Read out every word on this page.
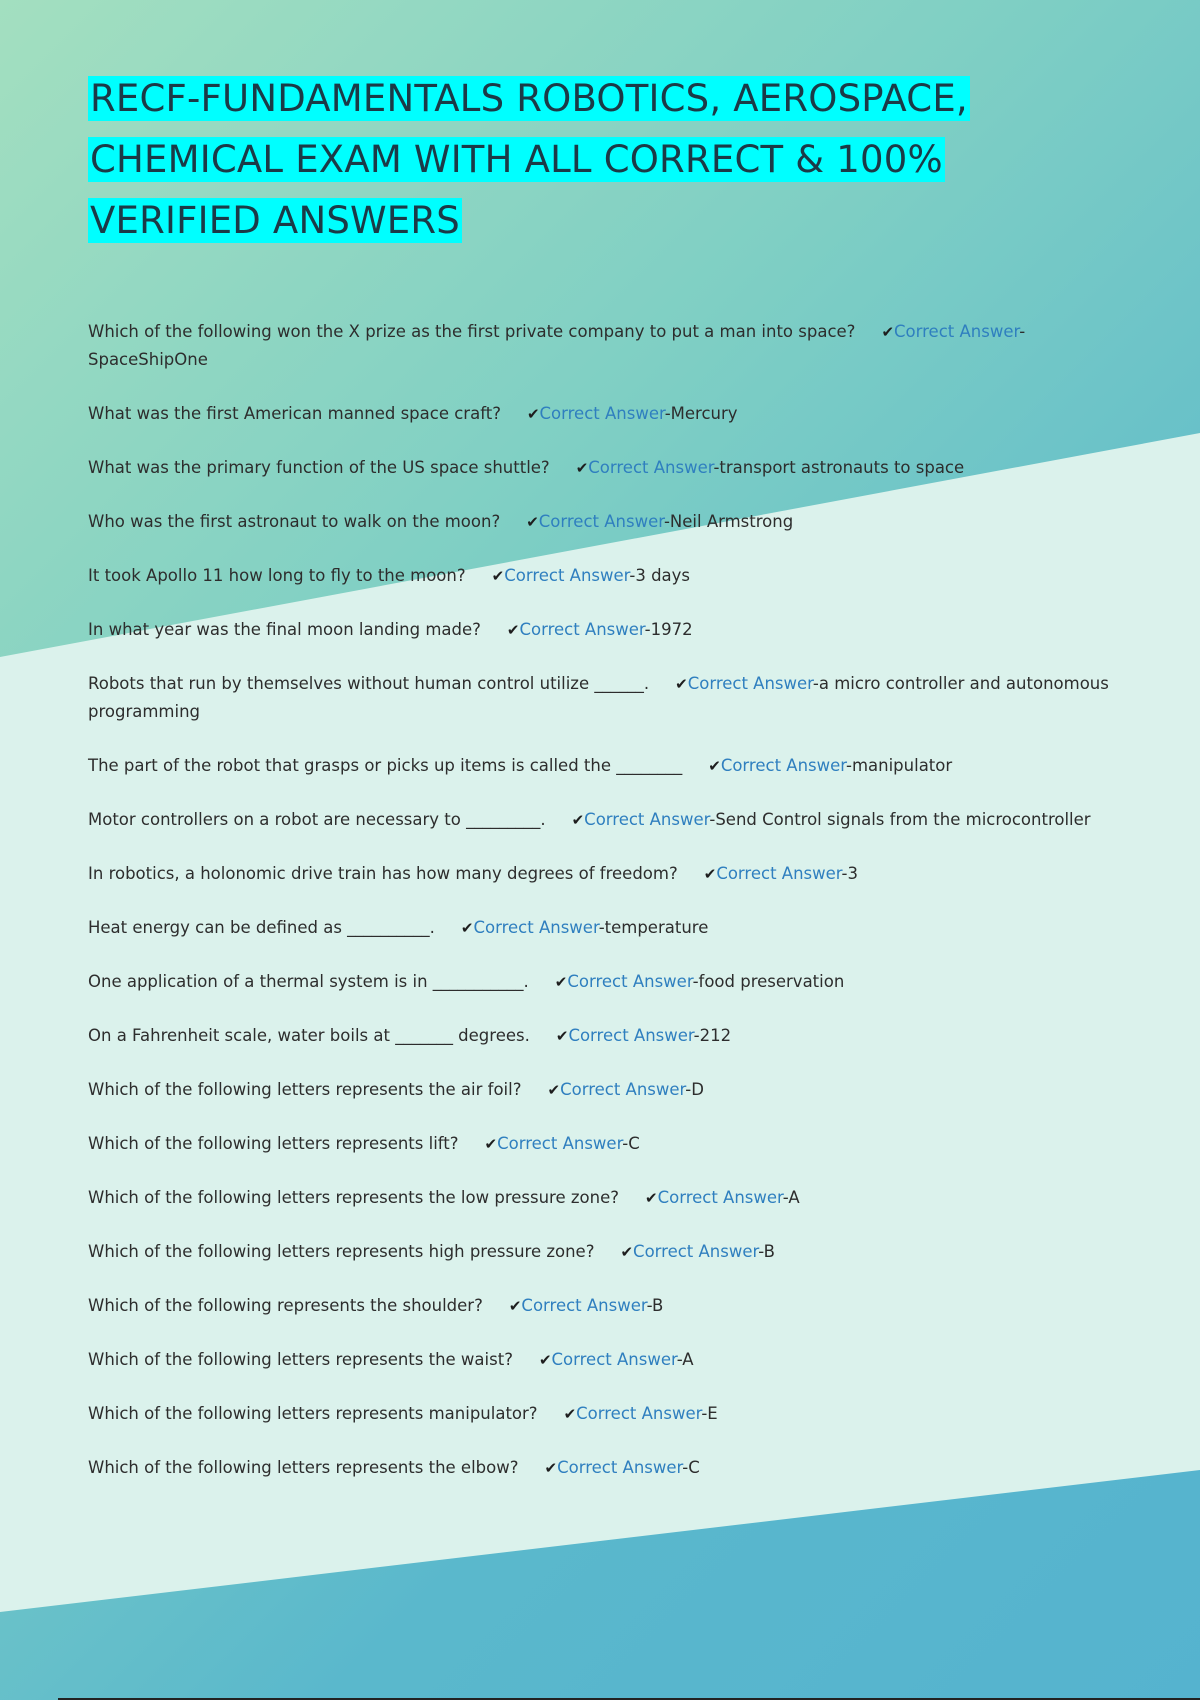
RECF-FUNDAMENTALS ROBOTICS, AEROSPACE, CHEMICAL EXAM WITH ALL CORRECT & 100% VERIFIED ANSWERS
Which of the following won the X prize as the first private company to put a man into space? ✔Correct Answer-SpaceShipOne
What was the first American manned space craft? ✔Correct Answer-Mercury
What was the primary function of the US space shuttle? ✔Correct Answer-transport astronauts to space
Who was the first astronaut to walk on the moon? ✔Correct Answer-Neil Armstrong
It took Apollo 11 how long to fly to the moon? ✔Correct Answer-3 days
In what year was the final moon landing made? ✔Correct Answer-1972
Robots that run by themselves without human control utilize ______. ✔Correct Answer-a micro controller and autonomous programming
The part of the robot that grasps or picks up items is called the ________ ✔Correct Answer-manipulator
Motor controllers on a robot are necessary to _________. ✔Correct Answer-Send Control signals from the microcontroller
In robotics, a holonomic drive train has how many degrees of freedom? ✔Correct Answer-3
Heat energy can be defined as __________. ✔Correct Answer-temperature
One application of a thermal system is in ___________. ✔Correct Answer-food preservation
On a Fahrenheit scale, water boils at _______ degrees. ✔Correct Answer-212
Which of the following letters represents the air foil? ✔Correct Answer-D
Which of the following letters represents lift? ✔Correct Answer-C
Which of the following letters represents the low pressure zone? ✔Correct Answer-A
Which of the following letters represents high pressure zone? ✔Correct Answer-B
Which of the following represents the shoulder? ✔Correct Answer-B
Which of the following letters represents the waist? ✔Correct Answer-A
Which of the following letters represents manipulator? ✔Correct Answer-E
Which of the following letters represents the elbow? ✔Correct Answer-C
